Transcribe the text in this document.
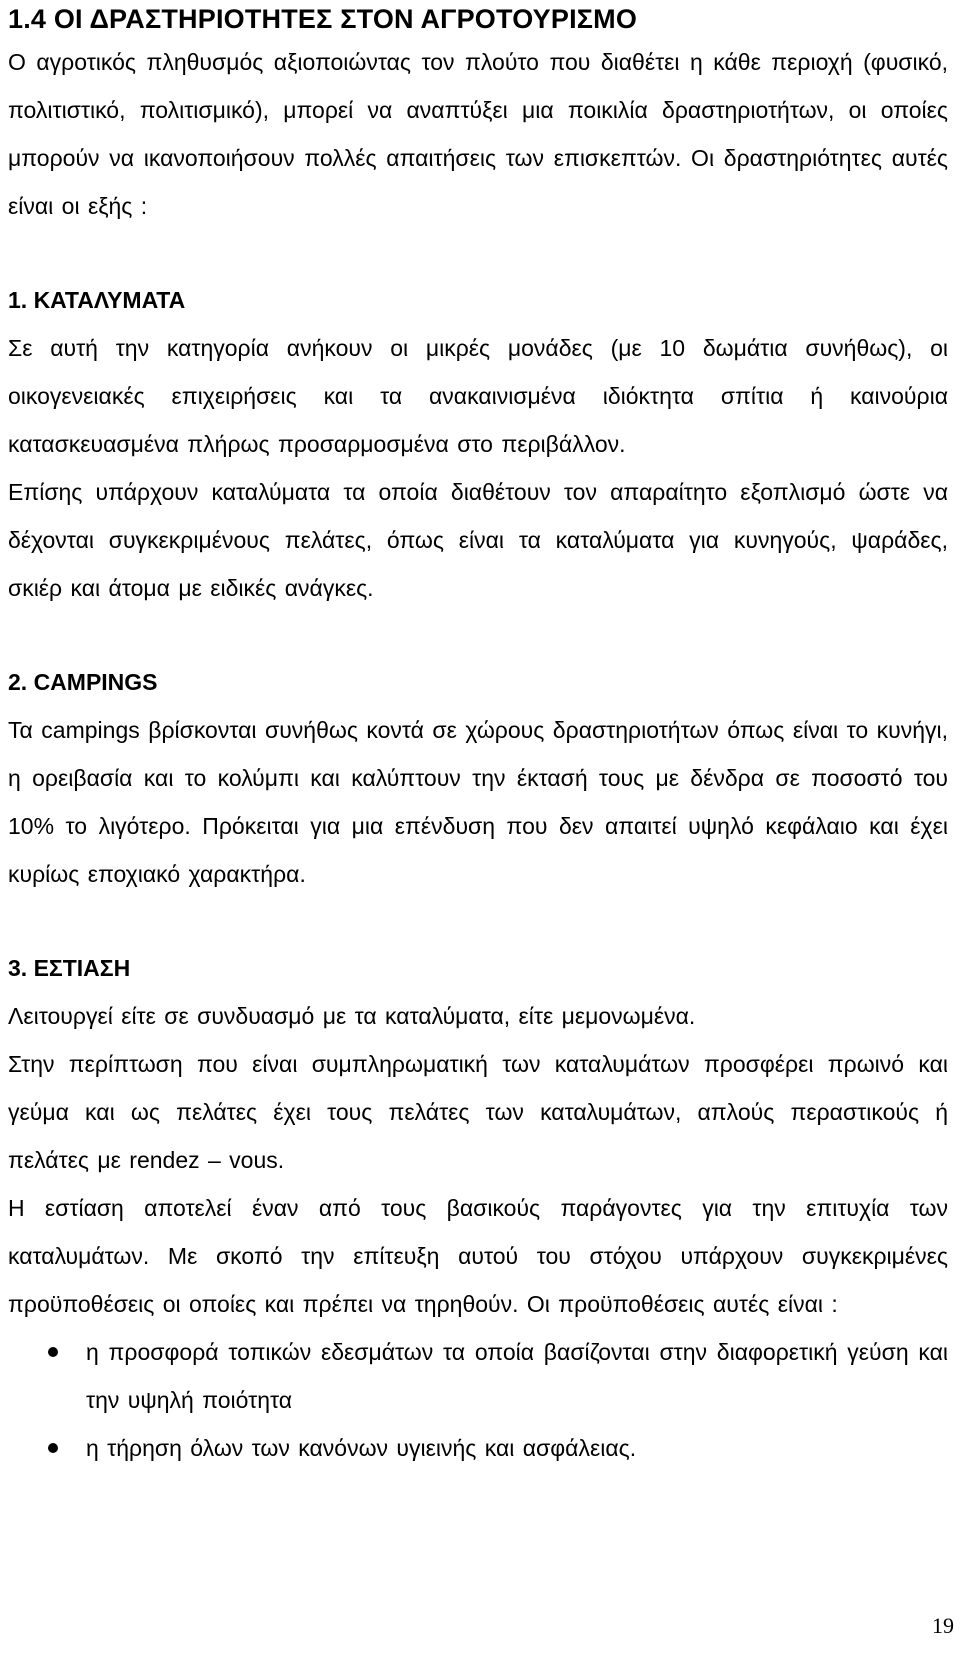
1.4 ΟΙ ΔΡΑΣΤΗΡΙΟΤΗΤΕΣ ΣΤΟΝ ΑΓΡΟΤΟΥΡΙΣΜΟ

Ο αγροτικός πληθυσμός αξιοποιώντας τον πλούτο που διαθέτει η κάθε περιοχή (φυσικό, πολιτιστικό, πολιτισμικό), μπορεί να αναπτύξει μια ποικιλία δραστηριοτήτων, οι οποίες μπορούν να ικανοποιήσουν πολλές απαιτήσεις των επισκεπτών. Οι δραστηριότητες αυτές είναι οι εξής :

1. ΚΑΤΑΛΥΜΑΤΑ

Σε αυτή την κατηγορία ανήκουν οι μικρές μονάδες (με 10 δωμάτια συνήθως), οι οικογενειακές επιχειρήσεις και τα ανακαινισμένα ιδιόκτητα σπίτια ή καινούρια κατασκευασμένα πλήρως προσαρμοσμένα στο περιβάλλον.

Επίσης υπάρχουν καταλύματα τα οποία διαθέτουν τον απαραίτητο εξοπλισμό ώστε να δέχονται συγκεκριμένους πελάτες, όπως είναι τα καταλύματα για κυνηγούς, ψαράδες, σκιέρ και άτομα με ειδικές ανάγκες.

2. CAMPINGS

Τα campings βρίσκονται συνήθως κοντά σε χώρους δραστηριοτήτων όπως είναι το κυνήγι, η ορειβασία και το κολύμπι και καλύπτουν την έκτασή τους με δένδρα σε ποσοστό του 10% το λιγότερο. Πρόκειται για μια επένδυση που δεν απαιτεί υψηλό κεφάλαιο και έχει κυρίως εποχιακό χαρακτήρα.

3. ΕΣΤΙΑΣΗ

Λειτουργεί είτε σε συνδυασμό με τα καταλύματα, είτε μεμονωμένα.

Στην περίπτωση που είναι συμπληρωματική των καταλυμάτων προσφέρει πρωινό και γεύμα και ως πελάτες έχει τους πελάτες των καταλυμάτων, απλούς περαστικούς ή πελάτες με rendez – vous.

Η εστίαση αποτελεί έναν από τους βασικούς παράγοντες για την επιτυχία των καταλυμάτων. Με σκοπό την επίτευξη αυτού του στόχου υπάρχουν συγκεκριμένες προϋποθέσεις οι οποίες και πρέπει να τηρηθούν. Οι προϋποθέσεις αυτές είναι :

η προσφορά τοπικών εδεσμάτων τα οποία βασίζονται στην διαφορετική γεύση και την υψηλή ποιότητα
η τήρηση όλων των κανόνων υγιεινής και ασφάλειας.
19
